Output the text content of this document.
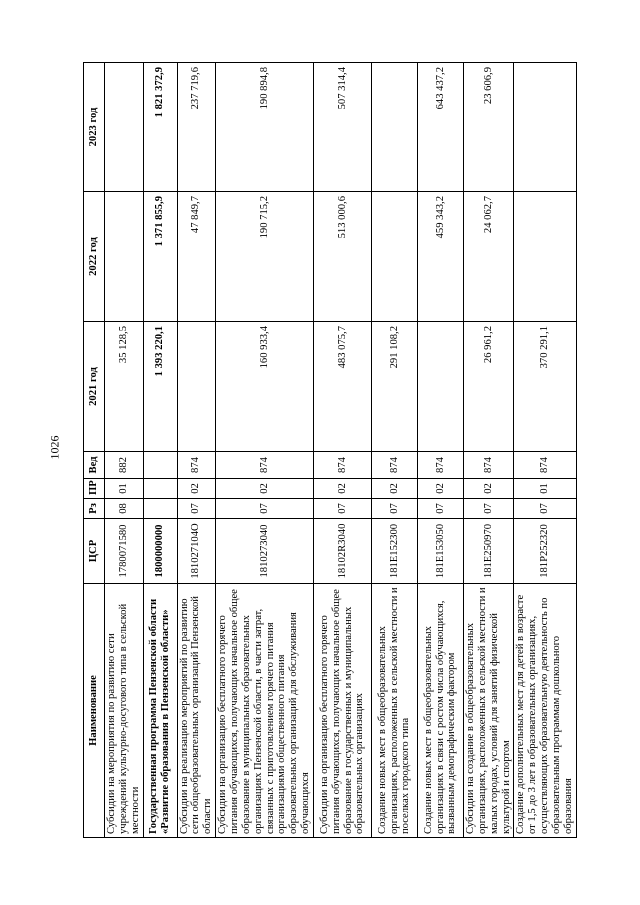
1026
Наименование	ЦСР	Рз	ПР	Вед	2021 год	2022 год	2023 год
Субсидии на мероприятия по развитию сети учреждений культурно-досугового типа в сельской местности	1780071580	08	01	882	35 128,5		
Государственная программа Пензенской области «Развитие образования в Пензенской области»	1800000000				1 393 220,1	1 371 855,9	1 821 372,9
Субсидии на реализацию мероприятий по развитию сети общеобразовательных организаций Пензенской области	181027104О	07	02	874		47 849,7	237 719,6
Субсидии на организацию бесплатного горячего питания обучающихся, получающих начальное общее образование в муниципальных образовательных организациях Пензенской области, в части затрат, связанных с приготовлением горячего питания организациями общественного питания образовательных организаций для обслуживания обучающихся	1810273040	07	02	874	160 933,4	190 715,2	190 894,8
Субсидии на организацию бесплатного горячего питания обучающихся, получающих начальное общее образование в государственных и муниципальных образовательных организациях	18102R3040	07	02	874	483 075,7	513 000,6	507 314,4
Создание новых мест в общеобразовательных организациях, расположенных в сельской местности и поселках городского типа	181E152300	07	02	874	291 108,2		
Создание новых мест в общеобразовательных организациях в связи с ростом числа обучающихся, вызванным демографическим фактором	181E153050	07	02	874		459 343,2	643 437,2
Субсидии на создание в общеобразовательных организациях, расположенных в сельской местности и малых городах, условий для занятий физической культурой и спортом	181E250970	07	02	874	26 961,2	24 062,7	23 606,9
Создание дополнительных мест для детей в возрасте от 1,5 до 3 лет в образовательных организациях, осуществляющих образовательную деятельность по образовательным программам дошкольного образования	181P252320	07	01	874	370 291,1		
